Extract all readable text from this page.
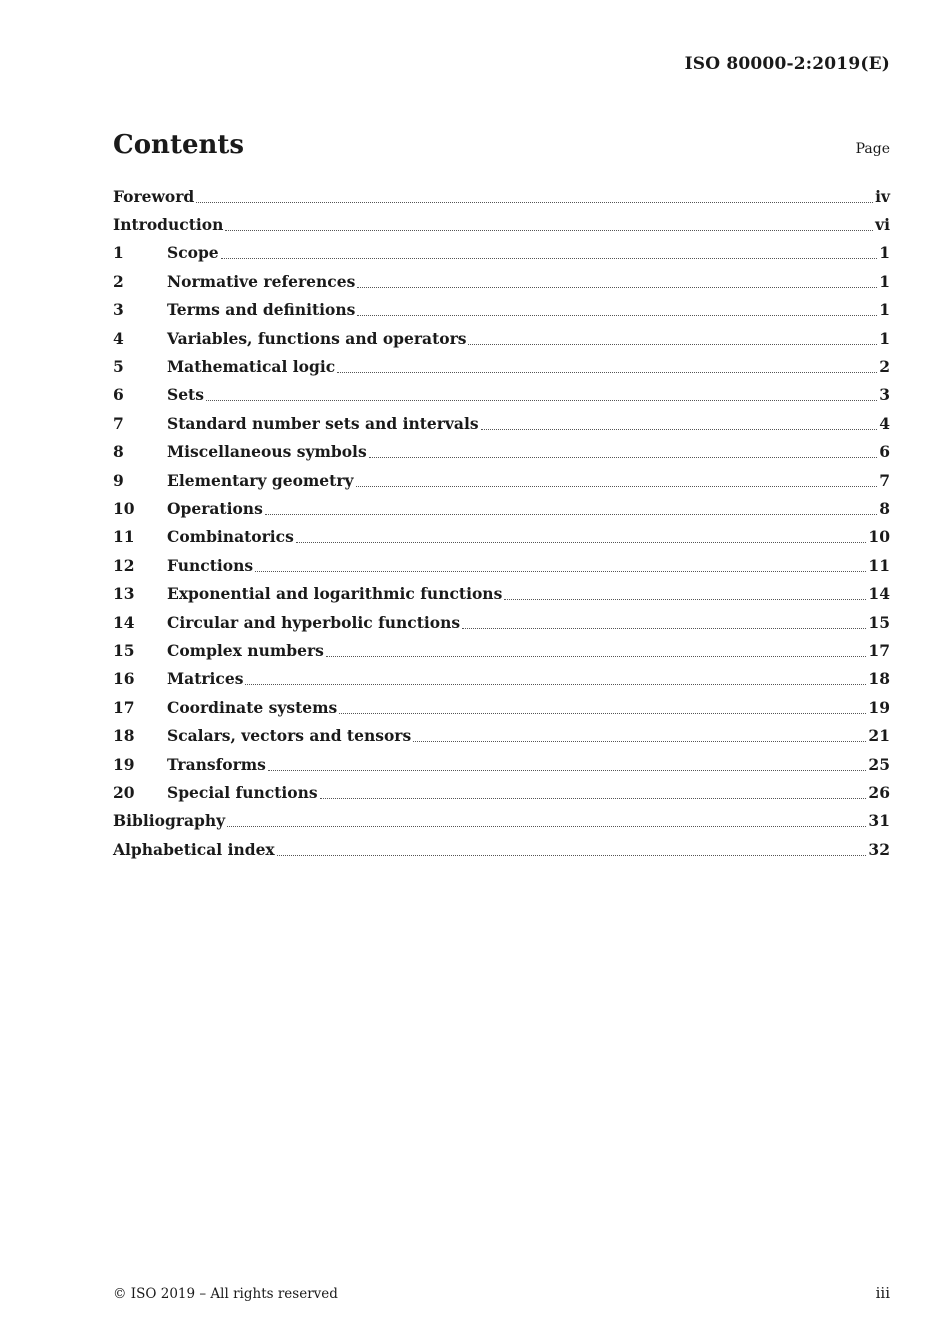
ISO 80000-2:2019(E)
Contents	Page
Foreword	iv
Introduction	vi
1	Scope	1
2	Normative references	1
3	Terms and definitions	1
4	Variables, functions and operators	1
5	Mathematical logic	2
6	Sets	3
7	Standard number sets and intervals	4
8	Miscellaneous symbols	6
9	Elementary geometry	7
10	Operations	8
11	Combinatorics	10
12	Functions	11
13	Exponential and logarithmic functions	14
14	Circular and hyperbolic functions	15
15	Complex numbers	17
16	Matrices	18
17	Coordinate systems	19
18	Scalars, vectors and tensors	21
19	Transforms	25
20	Special functions	26
Bibliography	31
Alphabetical index	32
© ISO 2019 – All rights reserved	iii
